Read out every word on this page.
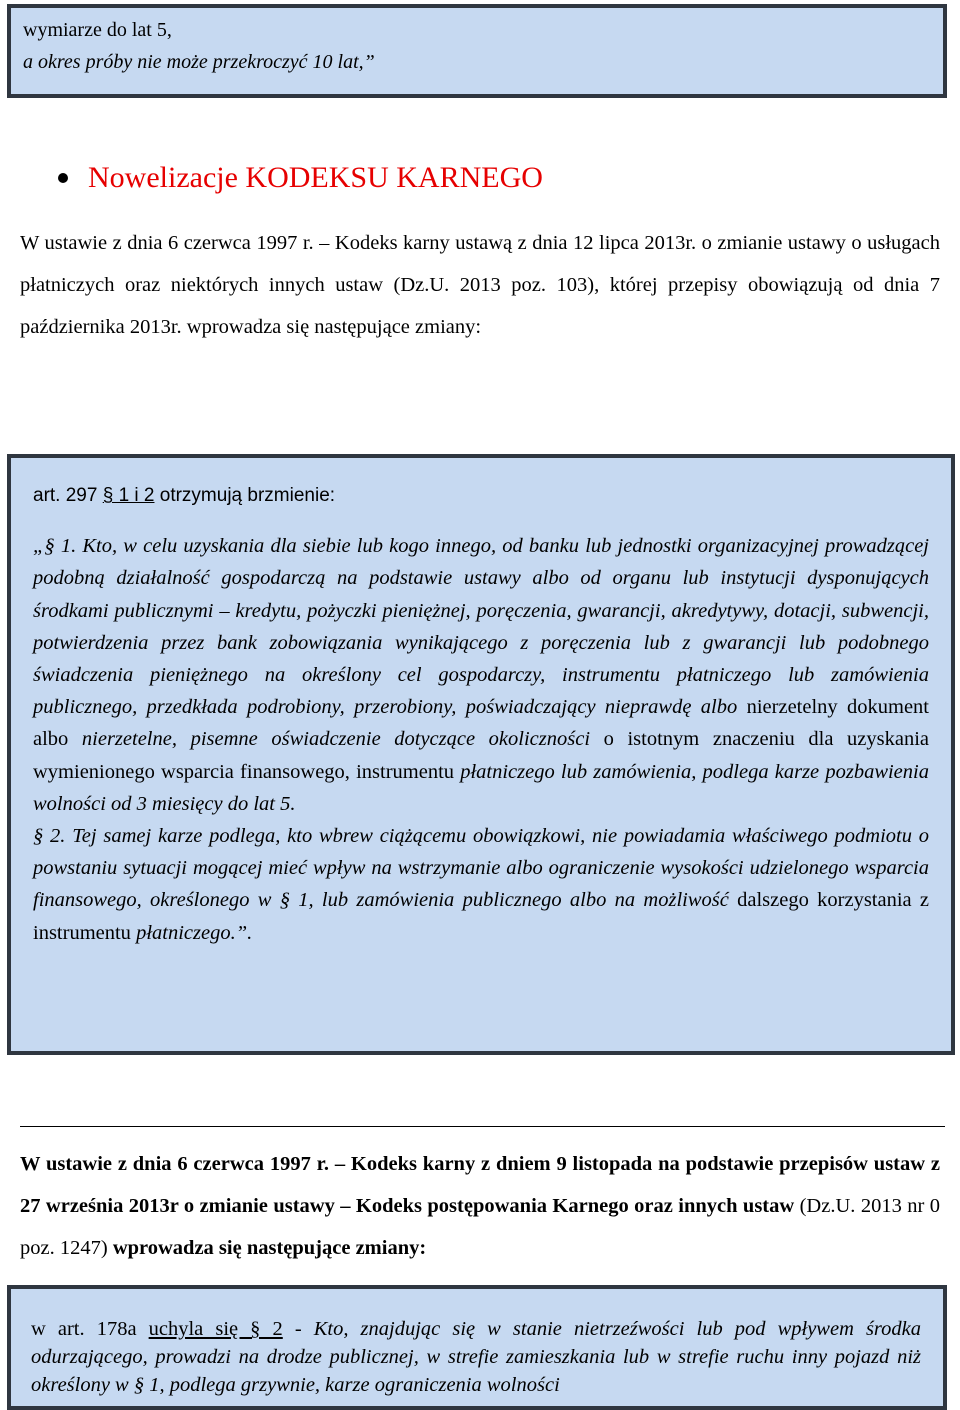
wymiarze do lat 5,

a okres próby nie może przekroczyć 10 lat,”

Nowelizacje KODEKSU KARNEGO

W ustawie z dnia 6 czerwca 1997 r. – Kodeks karny ustawą z dnia 12 lipca 2013r. o zmianie ustawy o usługach płatniczych oraz niektórych innych ustaw (Dz.U. 2013 poz. 103), której przepisy obowiązują od dnia 7 października 2013r. wprowadza się następujące zmiany:

art. 297 § 1 i 2 otrzymują brzmienie:

„§ 1. Kto, w celu uzyskania dla siebie lub kogo innego, od banku lub jednostki organizacyjnej prowadzącej podobną działalność gospodarczą na podstawie ustawy albo od organu lub instytucji dysponujących środkami publicznymi – kredytu, pożyczki pieniężnej, poręczenia, gwarancji, akredytywy, dotacji, subwencji, potwierdzenia przez bank zobowiązania wynikającego z poręczenia lub z gwarancji lub podobnego świadczenia pieniężnego na określony cel gospodarczy, instrumentu płatniczego lub zamówienia publicznego, przedkłada podrobiony, przerobiony, poświadczający nieprawdę albo nierzetelny dokument albo nierzetelne, pisemne oświadczenie dotyczące okoliczności o istotnym znaczeniu dla uzyskania wymienionego wsparcia finansowego, instrumentu płatniczego lub zamówienia, podlega karze pozbawienia wolności od 3 miesięcy do lat 5.

§ 2. Tej samej karze podlega, kto wbrew ciążącemu obowiązkowi, nie powiadamia właściwego podmiotu o powstaniu sytuacji mogącej mieć wpływ na wstrzymanie albo ograniczenie wysokości udzielonego wsparcia finansowego, określonego w § 1, lub zamówienia publicznego albo na możliwość dalszego korzystania z instrumentu płatniczego.”.

W ustawie z dnia 6 czerwca 1997 r. – Kodeks karny z dniem 9 listopada na podstawie przepisów ustaw z 27 września 2013r o zmianie ustawy – Kodeks postępowania Karnego oraz innych ustaw (Dz.U. 2013 nr 0 poz. 1247) wprowadza się następujące zmiany:

w art. 178a uchyla się § 2 - Kto, znajdując się w stanie nietrzeźwości lub pod wpływem środka odurzającego, prowadzi na drodze publicznej, w strefie zamieszkania lub w strefie ruchu inny pojazd niż określony w § 1, podlega grzywnie, karze ograniczenia wolności
